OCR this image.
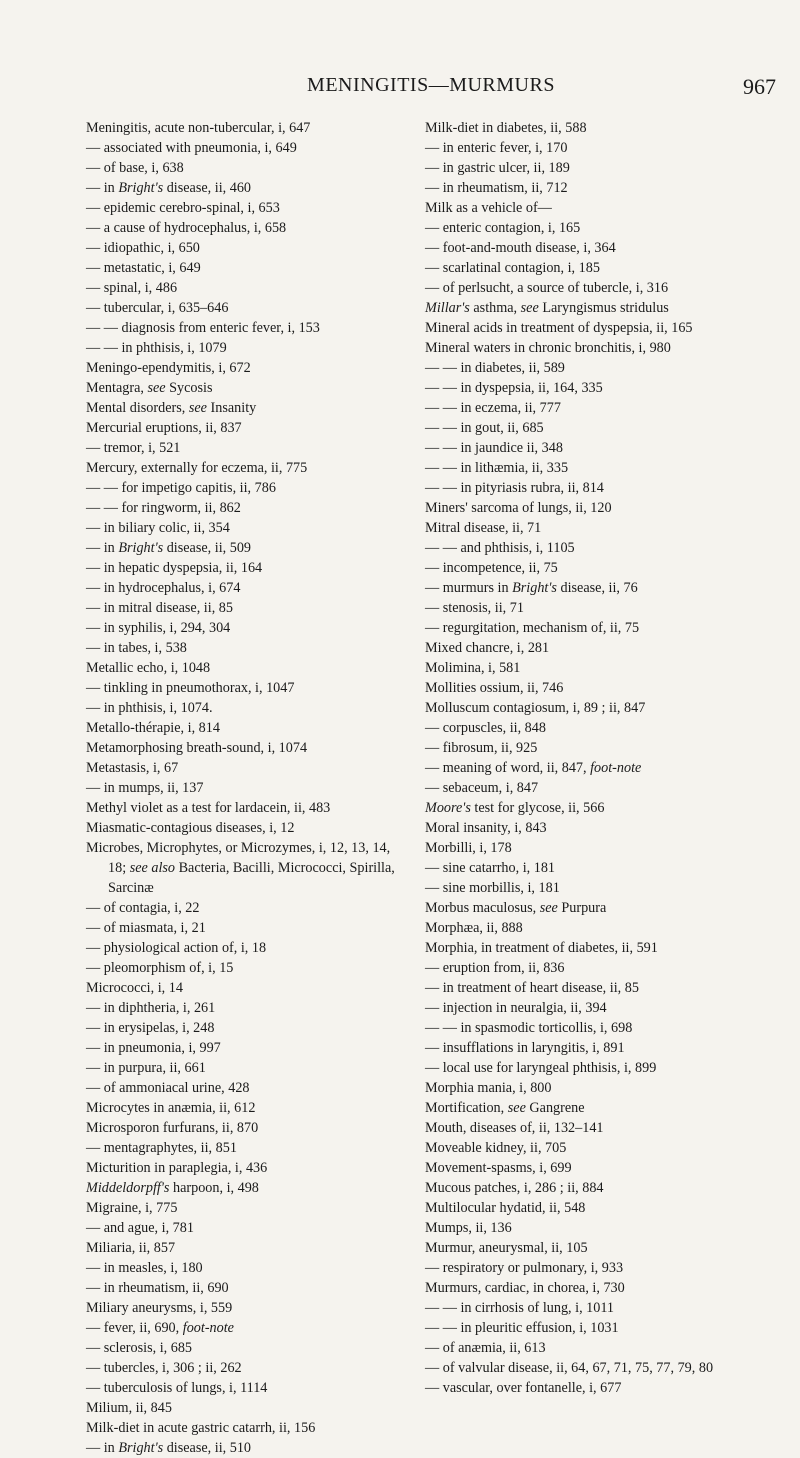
MENINGITIS—MURMURS	967
Meningitis, acute non-tubercular, i, 647
— associated with pneumonia, i, 649
— of base, i, 638
— in Bright's disease, ii, 460
— epidemic cerebro-spinal, i, 653
— a cause of hydrocephalus, i, 658
— idiopathic, i, 650
— metastatic, i, 649
— spinal, i, 486
— tubercular, i, 635–646
— — diagnosis from enteric fever, i, 153
— — in phthisis, i, 1079
Meningo-ependymitis, i, 672
Mentagra, see Sycosis
Mental disorders, see Insanity
Mercurial eruptions, ii, 837
— tremor, i, 521
Mercury, externally for eczema, ii, 775
— — for impetigo capitis, ii, 786
— — for ringworm, ii, 862
— in biliary colic, ii, 354
— in Bright's disease, ii, 509
— in hepatic dyspepsia, ii, 164
— in hydrocephalus, i, 674
— in mitral disease, ii, 85
— in syphilis, i, 294, 304
— in tabes, i, 538
Metallic echo, i, 1048
— tinkling in pneumothorax, i, 1047
— in phthisis, i, 1074.
Metallo-thérapie, i, 814
Metamorphosing breath-sound, i, 1074
Metastasis, i, 67
— in mumps, ii, 137
Methyl violet as a test for lardacein, ii, 483
Miasmatic-contagious diseases, i, 12
Microbes, Microphytes, or Microzymes, i, 12, 13, 14, 18; see also Bacteria, Bacilli, Micrococci, Spirilla, Sarcinæ
— of contagia, i, 22
— of miasmata, i, 21
— physiological action of, i, 18
— pleomorphism of, i, 15
Micrococci, i, 14
— in diphtheria, i, 261
— in erysipelas, i, 248
— in pneumonia, i, 997
— in purpura, ii, 661
— of ammoniacal urine, 428
Microcytes in anæmia, ii, 612
Microsporon furfurans, ii, 870
— mentagraphytes, ii, 851
Micturition in paraplegia, i, 436
Middeldorpff's harpoon, i, 498
Migraine, i, 775
— and ague, i, 781
Miliaria, ii, 857
— in measles, i, 180
— in rheumatism, ii, 690
Miliary aneurysms, i, 559
— fever, ii, 690, foot-note
— sclerosis, i, 685
— tubercles, i, 306 ; ii, 262
— tuberculosis of lungs, i, 1114
Milium, ii, 845
Milk-diet in acute gastric catarrh, ii, 156
— in Bright's disease, ii, 510
Milk-diet in diabetes, ii, 588
— in enteric fever, i, 170
— in gastric ulcer, ii, 189
— in rheumatism, ii, 712
Milk as a vehicle of—
— enteric contagion, i, 165
— foot-and-mouth disease, i, 364
— scarlatinal contagion, i, 185
— of perlsucht, a source of tubercle, i, 316
Millar's asthma, see Laryngismus stridulus
Mineral acids in treatment of dyspepsia, ii, 165
Mineral waters in chronic bronchitis, i, 980
— — in diabetes, ii, 589
— — in dyspepsia, ii, 164, 335
— — in eczema, ii, 777
— — in gout, ii, 685
— — in jaundice ii, 348
— — in lithæmia, ii, 335
— — in pityriasis rubra, ii, 814
Miners' sarcoma of lungs, ii, 120
Mitral disease, ii, 71
— — and phthisis, i, 1105
— incompetence, ii, 75
— murmurs in Bright's disease, ii, 76
— stenosis, ii, 71
— regurgitation, mechanism of, ii, 75
Mixed chancre, i, 281
Molimina, i, 581
Mollities ossium, ii, 746
Molluscum contagiosum, i, 89 ; ii, 847
— corpuscles, ii, 848
— fibrosum, ii, 925
— meaning of word, ii, 847, foot-note
— sebaceum, i, 847
Moore's test for glycose, ii, 566
Moral insanity, i, 843
Morbilli, i, 178
— sine catarrho, i, 181
— sine morbillis, i, 181
Morbus maculosus, see Purpura
Morphæa, ii, 888
Morphia, in treatment of diabetes, ii, 591
— eruption from, ii, 836
— in treatment of heart disease, ii, 85
— injection in neuralgia, ii, 394
— — in spasmodic torticollis, i, 698
— insufflations in laryngitis, i, 891
— local use for laryngeal phthisis, i, 899
Morphia mania, i, 800
Mortification, see Gangrene
Mouth, diseases of, ii, 132–141
Moveable kidney, ii, 705
Movement-spasms, i, 699
Mucous patches, i, 286 ; ii, 884
Multilocular hydatid, ii, 548
Mumps, ii, 136
Murmur, aneurysmal, ii, 105
— respiratory or pulmonary, i, 933
Murmurs, cardiac, in chorea, i, 730
— — in cirrhosis of lung, i, 1011
— — in pleuritic effusion, i, 1031
— of anæmia, ii, 613
— of valvular disease, ii, 64, 67, 71, 75, 77, 79, 80
— vascular, over fontanelle, i, 677
